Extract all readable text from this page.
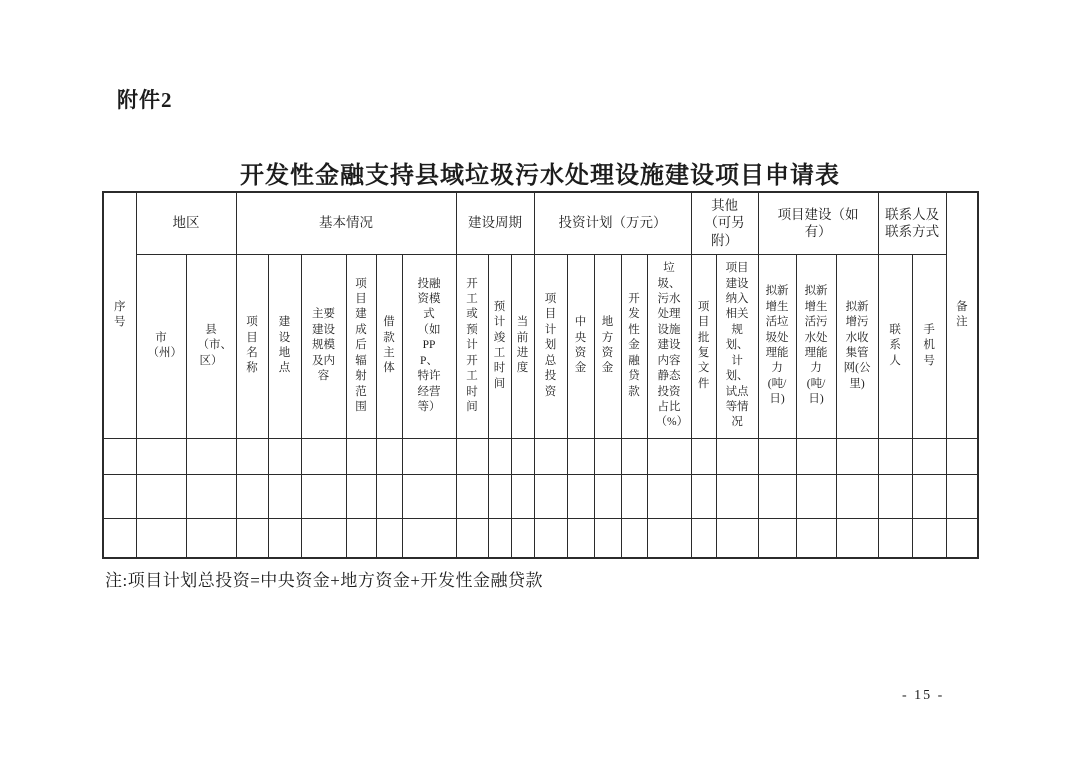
附件2
开发性金融支持县域垃圾污水处理设施建设项目申请表
序号	地区		基本情况						建设周期			投资计划（万元）					其他（可另附）		项目建设（如有）			联系人及联系方式		备注

	市（州）	县（市、区）	项目名称	建设地点	主要建设规模及内容	项目建成后辐射范围	借款主体	投融资模式（如PPP、特许经营等）	开工或预计开工时间	预计竣工时间	当前进度	项目计划总投资	中央资金	地方资金	开发性金融贷款	垃圾、污水处理设施建设内容静态投资占比（%）	项目批复文件	项目建设纳入相关规划、计划、试点等情况	拟新增生活垃圾处理能力(吨/日)	拟新增生活污水处理能力(吨/日)	拟新增污水收集管网(公里)	联系人	手机号	

注:项目计划总投资=中央资金+地方资金+开发性金融贷款
- 15 -
